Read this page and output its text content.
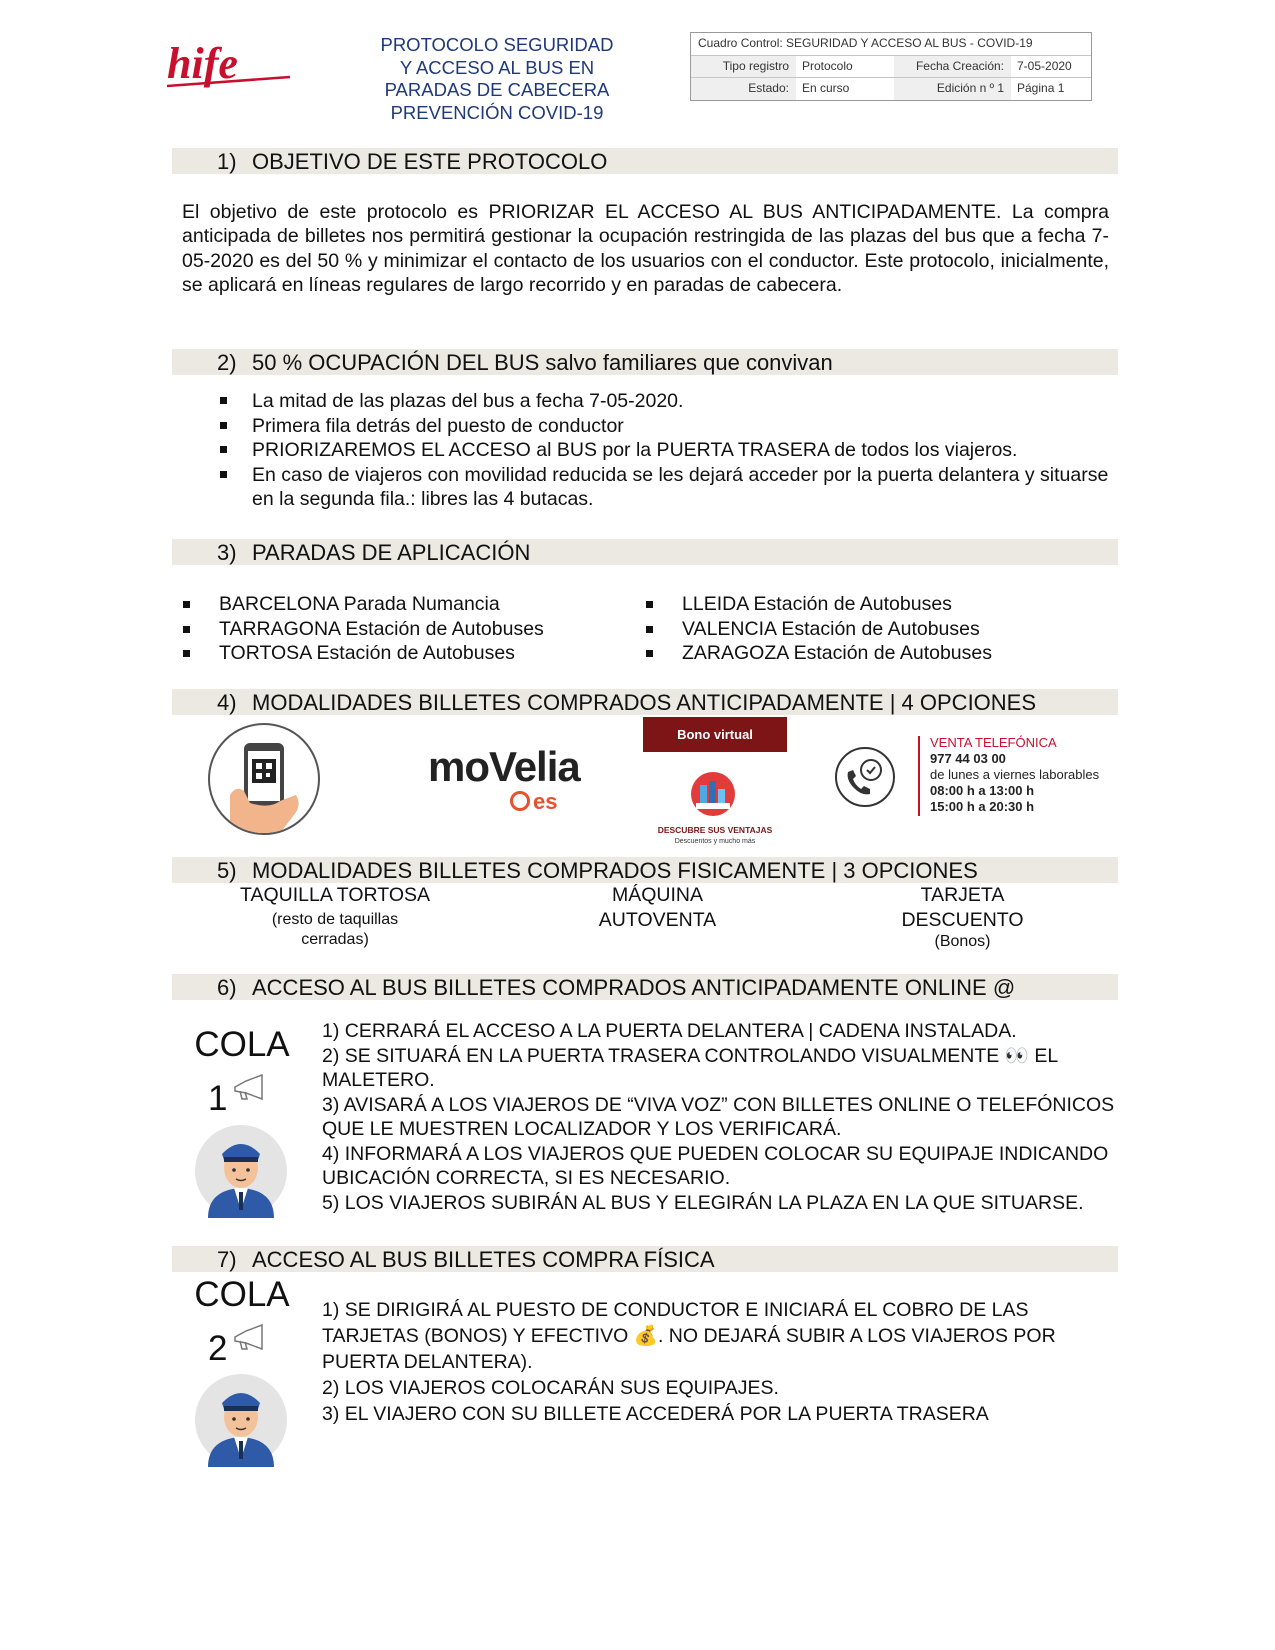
hife	PROTOCOLO SEGURIDAD
Y ACCESO AL BUS EN
PARADAS DE CABECERA
PREVENCIÓN COVID-19
Cuadro Control: SEGURIDAD Y ACCESO AL BUS - COVID-19
Tipo registro	Protocolo	Fecha Creación:	7-05-2020
Estado:	En curso	Edición n º 1	Página 1
1) OBJETIVO DE ESTE PROTOCOLO

El objetivo de este protocolo es PRIORIZAR EL ACCESO AL BUS ANTICIPADAMENTE. La compra anticipada de billetes nos permitirá gestionar la ocupación restringida de las plazas del bus que a fecha 7-05-2020 es del 50 % y minimizar el contacto de los usuarios con el conductor. Este protocolo, inicialmente, se aplicará en líneas regulares de largo recorrido y en paradas de cabecera.

2) 50 % OCUPACIÓN DEL BUS salvo familiares que convivan
La mitad de las plazas del bus a fecha 7-05-2020.
Primera fila detrás del puesto de conductor
PRIORIZAREMOS EL ACCESO al BUS por la PUERTA TRASERA de todos los viajeros.
En caso de viajeros con movilidad reducida se les dejará acceder por la puerta delantera y situarse en la segunda fila.: libres las 4 butacas.
3) PARADAS DE APLICACIÓN
BARCELONA Parada Numancia
TARRAGONA Estación de Autobuses
TORTOSA Estación de Autobuses
LLEIDA Estación de Autobuses
VALENCIA Estación de Autobuses
ZARAGOZA Estación de Autobuses
4) MODALIDADES BILLETES COMPRADOS ANTICIPADAMENTE | 4 OPCIONES
moVelia
es
Bono virtual
DESCUBRE SUS VENTAJAS
Descuentos y mucho más
VENTA TELEFÓNICA
977 44 03 00
de lunes a viernes laborables
08:00 h a 13:00 h
15:00 h a 20:30 h
5) MODALIDADES BILLETES COMPRADOS FISICAMENTE | 3 OPCIONES
TAQUILLA TORTOSA
(resto de taquillas cerradas)
MÁQUINA AUTOVENTA
TARJETA DESCUENTO
(Bonos)
6) ACCESO AL BUS BILLETES COMPRADOS ANTICIPADAMENTE ONLINE @
COLA
1

1) CERRARÁ EL ACCESO A LA PUERTA DELANTERA | CADENA INSTALADA.

2) SE SITUARÁ EN LA PUERTA TRASERA CONTROLANDO VISUALMENTE 👀 EL MALETERO.

3) AVISARÁ A LOS VIAJEROS DE “VIVA VOZ” CON BILLETES ONLINE O TELEFÓNICOS QUE LE MUESTREN LOCALIZADOR Y LOS VERIFICARÁ.

4) INFORMARÁ A LOS VIAJEROS QUE PUEDEN COLOCAR SU EQUIPAJE INDICANDO UBICACIÓN CORRECTA, SI ES NECESARIO.

5) LOS VIAJEROS SUBIRÁN AL BUS Y ELEGIRÁN LA PLAZA EN LA QUE SITUARSE.

7) ACCESO AL BUS BILLETES COMPRA FÍSICA
COLA
2

1) SE DIRIGIRÁ AL PUESTO DE CONDUCTOR E INICIARÁ EL COBRO DE LAS TARJETAS (BONOS) Y EFECTIVO 💰. NO DEJARÁ SUBIR A LOS VIAJEROS POR PUERTA DELANTERA).

2) LOS VIAJEROS COLOCARÁN SUS EQUIPAJES.

3) EL VIAJERO CON SU BILLETE ACCEDERÁ POR LA PUERTA TRASERA
